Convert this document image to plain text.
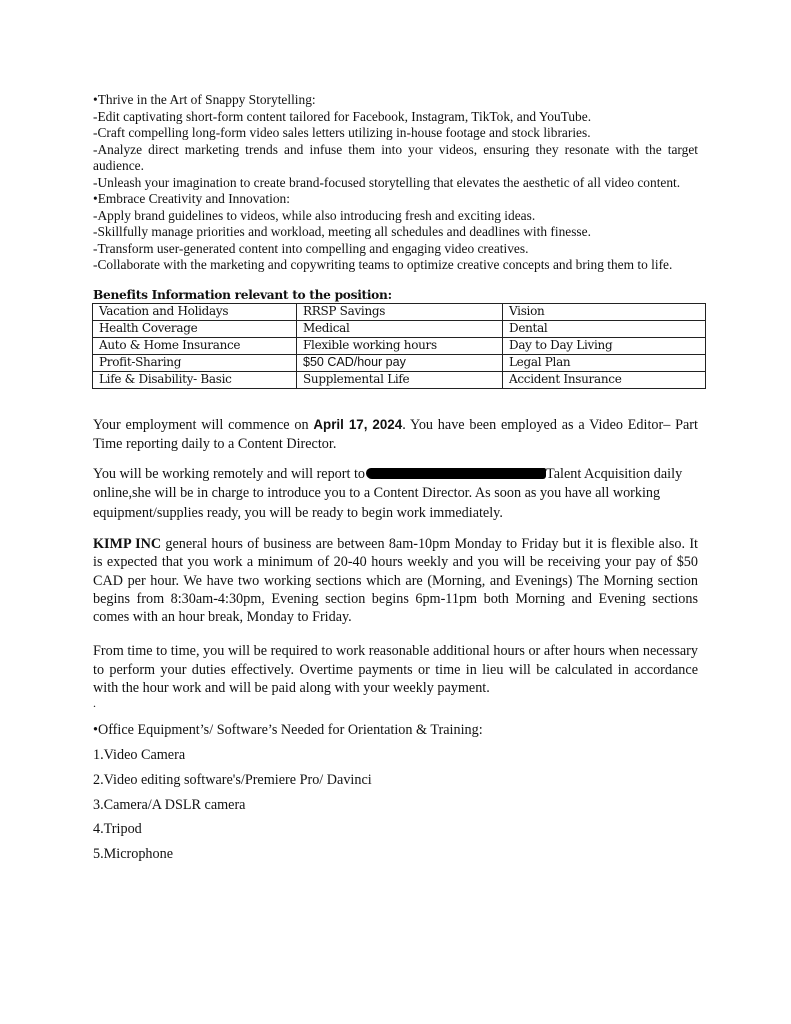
•Thrive in the Art of Snappy Storytelling:

-Edit captivating short-form content tailored for Facebook, Instagram, TikTok, and YouTube.

-Craft compelling long-form video sales letters utilizing in-house footage and stock libraries.

-Analyze direct marketing trends and infuse them into your videos, ensuring they resonate with the target audience.

-Unleash your imagination to create brand-focused storytelling that elevates the aesthetic of all video content.

•Embrace Creativity and Innovation:

-Apply brand guidelines to videos, while also introducing fresh and exciting ideas.

-Skillfully manage priorities and workload, meeting all schedules and deadlines with finesse.

-Transform user-generated content into compelling and engaging video creatives.

-Collaborate with the marketing and copywriting teams to optimize creative concepts and bring them to life.

Benefits Information relevant to the position:
Vacation and Holidays	RRSP Savings	Vision
Health Coverage	Medical	Dental
Auto & Home Insurance	Flexible working hours	Day to Day Living
Profit-Sharing	$50 CAD/hour pay	Legal Plan
Life & Disability- Basic	Supplemental Life	Accident Insurance

Your employment will commence on April 17, 2024. You have been employed as a Video Editor– Part Time reporting daily to a Content Director.

You will be working remotely and will report to	Talent Acquisition daily online,she will be in charge to introduce you to a Content Director. As soon as you have all working equipment/supplies ready, you will be ready to begin work immediately.

KIMP INC general hours of business are between 8am-10pm Monday to Friday but it is flexible also. It is expected that you work a minimum of 20-40 hours weekly and you will be receiving your pay of $50 CAD per hour. We have two working sections which are (Morning, and Evenings) The Morning section begins from 8:30am-4:30pm, Evening section begins 6pm-11pm both Morning and Evening sections comes with an hour break, Monday to Friday.

From time to time, you will be required to work reasonable additional hours or after hours when necessary to perform your duties effectively. Overtime payments or time in lieu will be calculated in accordance with the hour work and will be paid along with your weekly payment.

.
•Office Equipment’s/ Software’s Needed for Orientation & Training:
1.Video Camera
2.Video editing software's/Premiere Pro/ Davinci
3.Camera/A DSLR camera
4.Tripod
5.Microphone
